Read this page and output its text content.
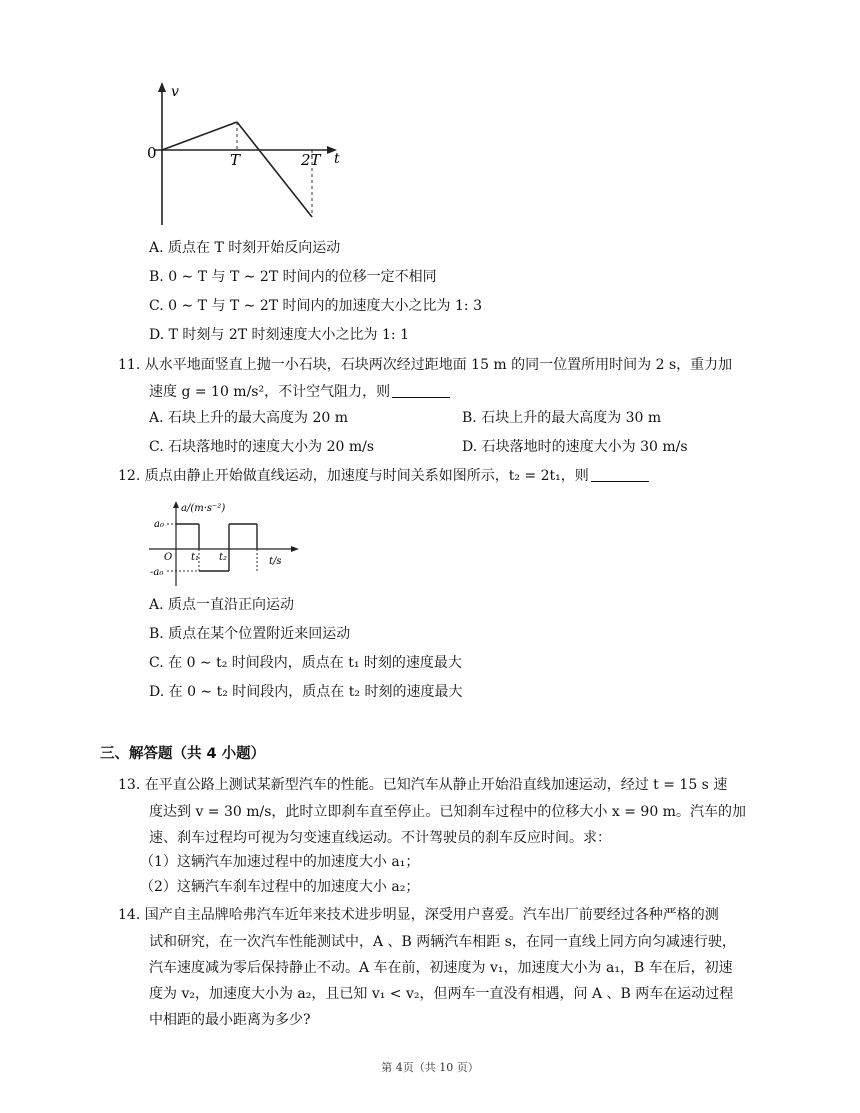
v
t
0	T	2T
A. 质点在 T 时刻开始反向运动
B. 0 ∼ T 与 T ∼ 2T 时间内的位移一定不相同
C. 0 ∼ T 与 T ∼ 2T 时间内的加速度大小之比为 1: 3
D. T 时刻与 2T 时刻速度大小之比为 1: 1
11. 从水平地面竖直上抛一小石块，石块两次经过距地面 15 m 的同一位置所用时间为 2 s，重力加
速度 g = 10 m/s²，不计空气阻力，则
A. 石块上升的最大高度为 20 m	B. 石块上升的最大高度为 30 m
C. 石块落地时的速度大小为 20 m/s	D. 石块落地时的速度大小为 30 m/s
12. 质点由静止开始做直线运动，加速度与时间关系如图所示，t₂ = 2t₁，则
a/(m·s⁻²)
a₀
-a₀
O t₁ t₂	t/s
A. 质点一直沿正向运动
B. 质点在某个位置附近来回运动
C. 在 0 ∼ t₂ 时间段内，质点在 t₁ 时刻的速度最大
D. 在 0 ∼ t₂ 时间段内，质点在 t₂ 时刻的速度最大
三、解答题（共 4 小题）
13. 在平直公路上测试某新型汽车的性能。已知汽车从静止开始沿直线加速运动，经过 t = 15 s 速
度达到 v = 30 m/s，此时立即刹车直至停止。已知刹车过程中的位移大小 x = 90 m。汽车的加
速、刹车过程均可视为匀变速直线运动。不计驾驶员的刹车反应时间。求：
（1）这辆汽车加速过程中的加速度大小 a₁；
（2）这辆汽车刹车过程中的加速度大小 a₂；
14. 国产自主品牌哈弗汽车近年来技术进步明显，深受用户喜爱。汽车出厂前要经过各种严格的测
试和研究，在一次汽车性能测试中，A 、B 两辆汽车相距 s，在同一直线上同方向匀减速行驶，
汽车速度减为零后保持静止不动。A 车在前，初速度为 v₁，加速度大小为 a₁，B 车在后，初速
度为 v₂，加速度大小为 a₂，且已知 v₁ < v₂，但两车一直没有相遇，问 A 、B 两车在运动过程
中相距的最小距离为多少?
第 4页（共 10 页）
